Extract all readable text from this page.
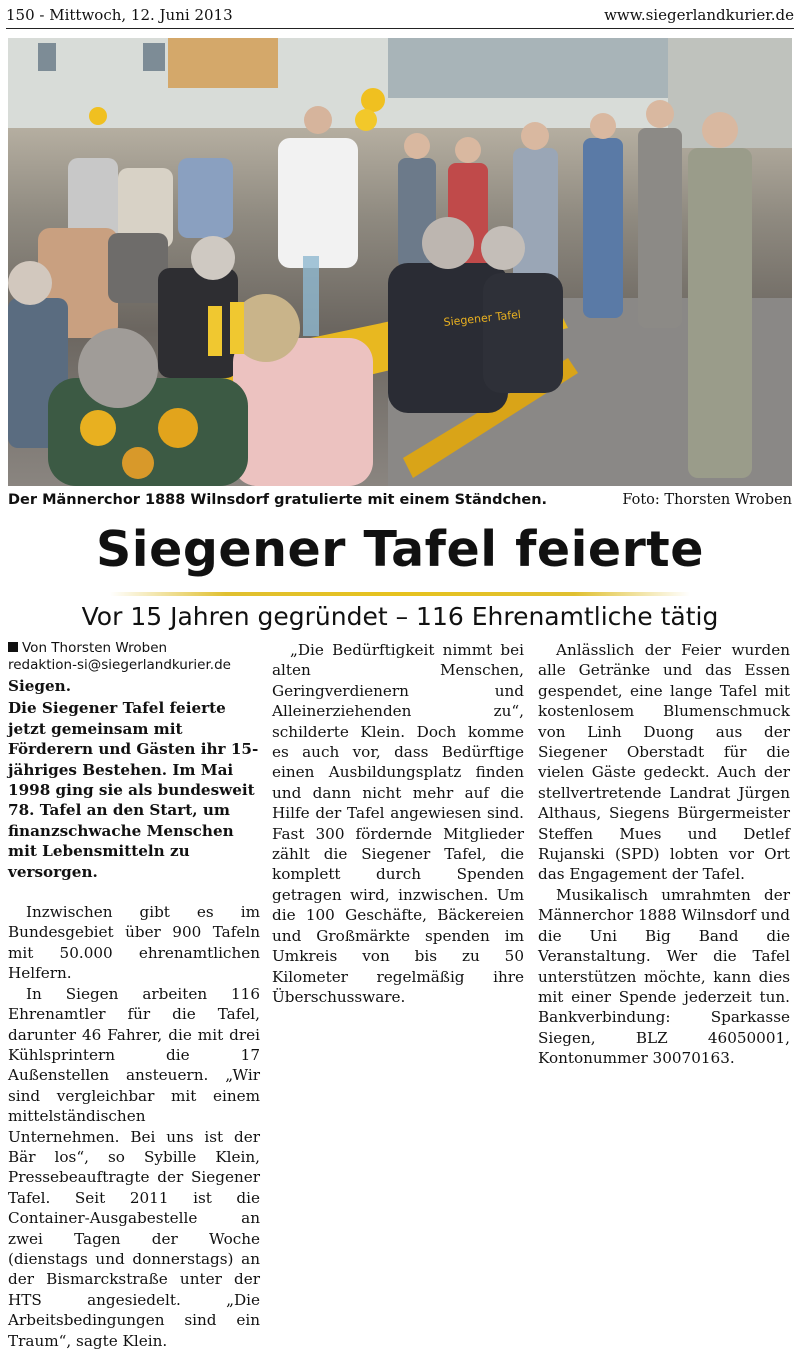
150 - Mittwoch, 12. Juni 2013	www.siegerlandkurier.de
Siegener Tafel
Der Männerchor 1888 Wilnsdorf gratulierte mit einem Ständchen.	Foto: Thorsten Wroben
Siegener Tafel feierte
Vor 15 Jahren gegründet – 116 Ehrenamtliche tätig
Von Thorsten Wroben
redaktion-si@siegerlandkurier.de

Siegen.

Die Siegener Tafel feierte jetzt gemeinsam mit Förderern und Gästen ihr 15-jähriges Bestehen. Im Mai 1998 ging sie als bundesweit 78. Tafel an den Start, um finanzschwache Menschen mit Lebensmitteln zu versorgen.

Inzwischen gibt es im Bundesgebiet über 900 Tafeln mit 50.000 ehrenamtlichen Helfern.

In Siegen arbeiten 116 Ehrenamtler für die Tafel, darunter 46 Fahrer, die mit drei Kühlsprintern die 17 Außenstellen ansteuern. „Wir sind vergleichbar mit einem mittelständischen Unternehmen. Bei uns ist der Bär los“, so Sybille Klein, Pressebeauftragte der Siegener Tafel. Seit 2011 ist die Container-Ausgabestelle an zwei Tagen der Woche (dienstags und donnerstags) an der Bismarckstraße unter der HTS angesiedelt. „Die Arbeitsbedingungen sind ein Traum“, sagte Klein.

„Die Bedürftigkeit nimmt bei alten Menschen, Geringverdienern und Alleinerziehenden zu“, schilderte Klein. Doch komme es auch vor, dass Bedürftige einen Ausbildungsplatz finden und dann nicht mehr auf die Hilfe der Tafel angewiesen sind. Fast 300 fördernde Mitglieder zählt die Siegener Tafel, die komplett durch Spenden getragen wird, inzwischen. Um die 100 Geschäfte, Bäckereien und Großmärkte spenden im Umkreis von bis zu 50 Kilometer regelmäßig ihre Überschussware.

Anlässlich der Feier wurden alle Getränke und das Essen gespendet, eine lange Tafel mit kostenlosem Blumenschmuck von Linh Duong aus der Siegener Oberstadt für die vielen Gäste gedeckt. Auch der stellvertretende Landrat Jürgen Althaus, Siegens Bürgermeister Steffen Mues und Detlef Rujanski (SPD) lobten vor Ort das Engagement der Tafel.

Musikalisch umrahmten der Männerchor 1888 Wilnsdorf und die Uni Big Band die Veranstaltung. Wer die Tafel unterstützen möchte, kann dies mit einer Spende jederzeit tun. Bankverbindung: Sparkasse Siegen, BLZ 46050001, Kontonummer 30070163.
